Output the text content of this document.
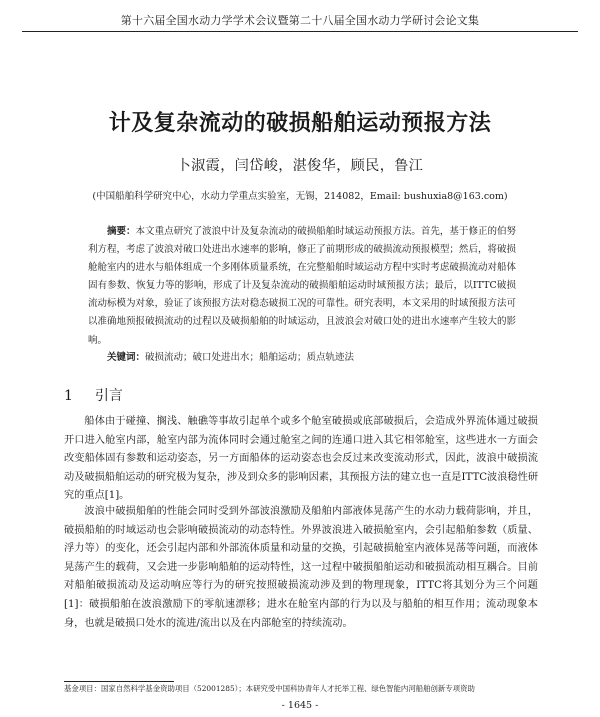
第十六届全国水动力学学术会议暨第二十八届全国水动力学研讨会论文集
计及复杂流动的破损船舶运动预报方法
卜淑霞，闫岱峻，湛俊华，顾民，鲁江
(中国船舶科学研究中心，水动力学重点实验室，无锡，214082，Email: bushuxia8@163.com)

摘要：本文重点研究了波浪中计及复杂流动的破损船舶时域运动预报方法。首先，基于修正的伯努利方程，考虑了波浪对破口处进出水速率的影响，修正了前期形成的破损流动预报模型；然后，将破损舱舱室内的进水与船体组成一个多刚体质量系统，在完整船舶时域运动方程中实时考虑破损流动对船体固有参数、恢复力等的影响，形成了计及复杂流动的破损船舶运动时域预报方法；最后，以ITTC破损流动标模为对象，验证了该预报方法对稳态破损工况的可靠性。研究表明，本文采用的时域预报方法可以准确地预报破损流动的过程以及破损船舶的时域运动，且波浪会对破口处的进出水速率产生较大的影响。

关键词：破损流动；破口处进出水；船舶运动；质点轨迹法

1 引言

船体由于碰撞、搁浅、触礁等事故引起单个或多个舱室破损或底部破损后，会造成外界流体通过破损开口进入舱室内部，舱室内部为流体同时会通过舱室之间的连通口进入其它相邻舱室，这些进水一方面会改变船体固有参数和运动姿态，另一方面船体的运动姿态也会反过来改变流动形式，因此，波浪中破损流动及破损船舶运动的研究极为复杂，涉及到众多的影响因素，其预报方法的建立也一直是ITTC波浪稳性研究的重点[1]。

波浪中破损船舶的性能会同时受到外部波浪激励及船舶内部液体晃荡产生的水动力载荷影响，并且，破损船舶的时域运动也会影响破损流动的动态特性。外界波浪进入破损舱室内，会引起船舶参数（质量、浮力等）的变化，还会引起内部和外部流体质量和动量的交换，引起破损舱室内液体晃荡等问题，而液体晃荡产生的载荷，又会进一步影响船舶的运动特性，这一过程中破损船舶运动和破损流动相互耦合。目前对船舶破损流动及运动响应等行为的研究按照破损流动涉及到的物理现象，ITTC将其划分为三个问题[1]：破损船舶在波浪激励下的零航速漂移；进水在舱室内部的行为以及与船舶的相互作用；流动现象本身，也就是破损口处水的流进/流出以及在内部舱室的持续流动。

基金项目：国家自然科学基金资助项目（52001285）；本研究受中国科协青年人才托举工程、绿色智能内河船舶创新专项资助
- 1645 -
